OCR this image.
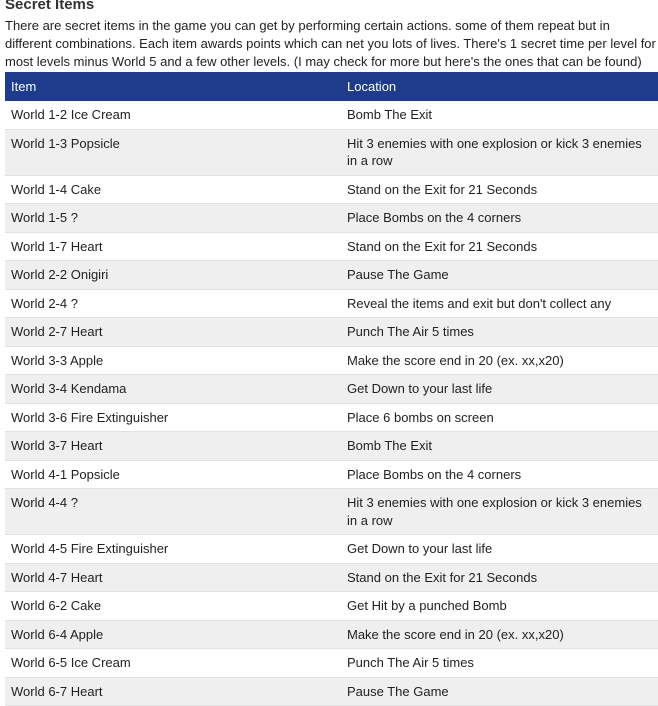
Secret Items

There are secret items in the game you can get by performing certain actions. some of them repeat but in different combinations. Each item awards points which can net you lots of lives. There's 1 secret time per level for most levels minus World 5 and a few other levels. (I may check for more but here's the ones that can be found)

Item	Location
World 1-2 Ice Cream	Bomb The Exit
World 1-3 Popsicle	Hit 3 enemies with one explosion or kick 3 enemies in a row
World 1-4 Cake	Stand on the Exit for 21 Seconds
World 1-5 ?	Place Bombs on the 4 corners
World 1-7 Heart	Stand on the Exit for 21 Seconds
World 2-2 Onigiri	Pause The Game
World 2-4 ?	Reveal the items and exit but don't collect any
World 2-7 Heart	Punch The Air 5 times
World 3-3 Apple	Make the score end in 20 (ex. xx,x20)
World 3-4 Kendama	Get Down to your last life
World 3-6 Fire Extinguisher	Place 6 bombs on screen
World 3-7 Heart	Bomb The Exit
World 4-1 Popsicle	Place Bombs on the 4 corners
World 4-4 ?	Hit 3 enemies with one explosion or kick 3 enemies in a row
World 4-5 Fire Extinguisher	Get Down to your last life
World 4-7 Heart	Stand on the Exit for 21 Seconds
World 6-2 Cake	Get Hit by a punched Bomb
World 6-4 Apple	Make the score end in 20 (ex. xx,x20)
World 6-5 Ice Cream	Punch The Air 5 times
World 6-7 Heart	Pause The Game
